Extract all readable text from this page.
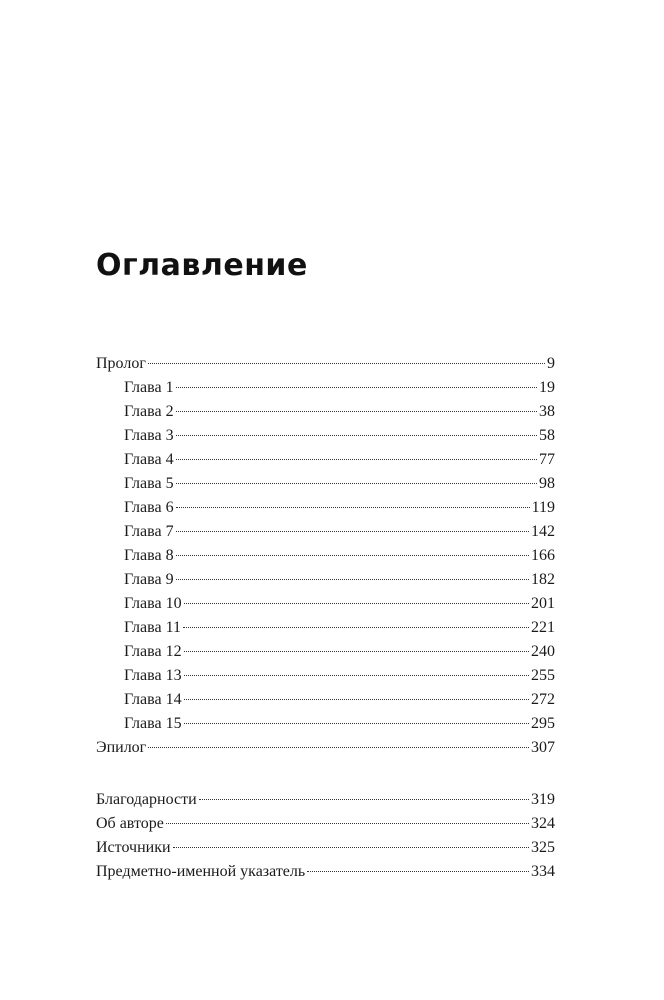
Оглавление
Пролог	9
Глава 1	19
Глава 2	38
Глава 3	58
Глава 4	77
Глава 5	98
Глава 6	119
Глава 7	142
Глава 8	166
Глава 9	182
Глава 10	201
Глава 11	221
Глава 12	240
Глава 13	255
Глава 14	272
Глава 15	295
Эпилог	307
Благодарности	319
Об авторе	324
Источники	325
Предметно-именной указатель	334
